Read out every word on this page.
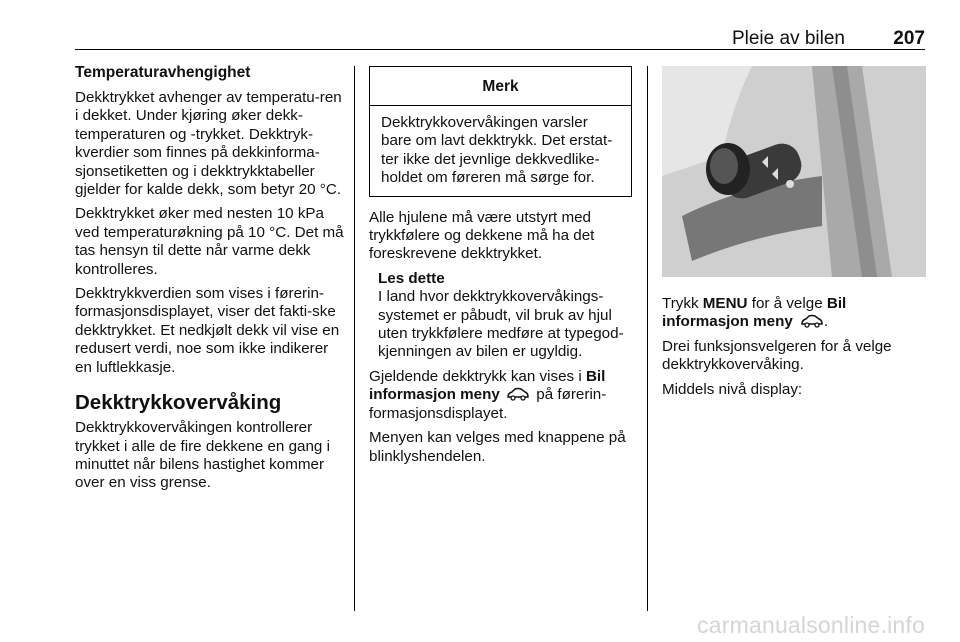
Pleie av bilen	207
Temperaturavhengighet

Dekktrykket avhenger av temperatu-ren i dekket. Under kjøring øker dekk-temperaturen og -trykket. Dekktryk-kverdier som finnes på dekkinforma-sjonsetiketten og i dekktrykktabeller gjelder for kalde dekk, som betyr 20 °C.

Dekktrykket øker med nesten 10 kPa ved temperaturøkning på 10 °C. Det må tas hensyn til dette når varme dekk kontrolleres.

Dekktrykkverdien som vises i førerin-formasjonsdisplayet, viser det fakti-ske dekktrykket. Et nedkjølt dekk vil vise en redusert verdi, noe som ikke indikerer en luftlekkasje.

Dekktrykkovervåking

Dekktrykkovervåkingen kontrollerer trykket i alle de fire dekkene en gang i minuttet når bilens hastighet kommer over en viss grense.

Merk
Dekktrykkovervåkingen varsler bare om lavt dekktrykk. Det erstat-ter ikke det jevnlige dekkvedlike-holdet om føreren må sørge for.

Alle hjulene må være utstyrt med trykkfølere og dekkene må ha det foreskrevene dekktrykket.

Les dette
I land hvor dekktrykkovervåkings-systemet er påbudt, vil bruk av hjul uten trykkfølere medføre at typegod-kjenningen av bilen er ugyldig.

Gjeldende dekktrykk kan vises i Bil informasjon meny  på førerin-formasjonsdisplayet.

Menyen kan velges med knappene på blinklyshendelen.

Trykk MENU for å velge Bil informasjon meny .

Drei funksjonsvelgeren for å velge dekktrykkovervåking.

Middels nivå display:

carmanualsonline.info
